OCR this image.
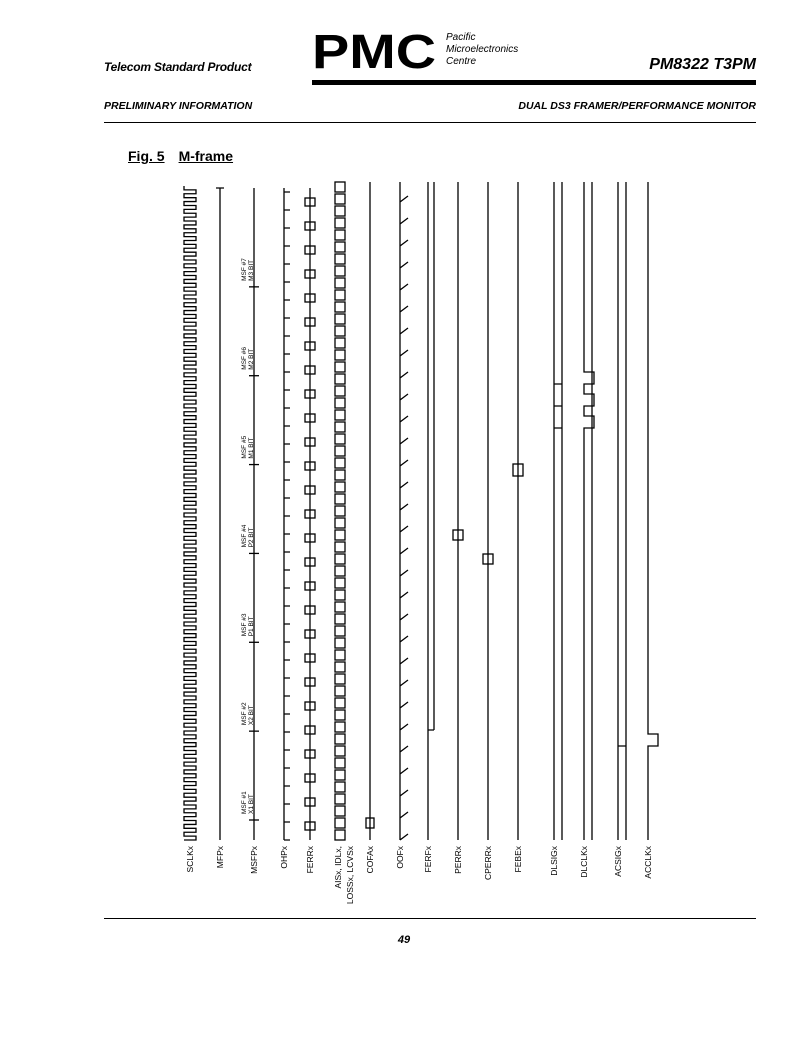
Telecom Standard Product PMC Pacific
Microelectronics
Centre	PM8322 T3PM
PRELIMINARY INFORMATION	DUAL DS3 FRAMER/PERFORMANCE MONITOR
Fig. 5 M-frame
MSF #1 X1 BIT
MSF #2 X2 BIT
MSF #3 P1 BIT
MSF #4 P2 BIT
MSF #5 M1 BIT
MSF #6 M2 BIT
MSF #7 M3 BIT
SCLKx MFPx	MSFPx OHPx FERRx AISx, IDLx, LOSSx, LCVSx COFAx OOFx FERFx PERRx CPERRx FEBEx	DLSIGx DLCLKx	ACSIGx ACCLKx
49
